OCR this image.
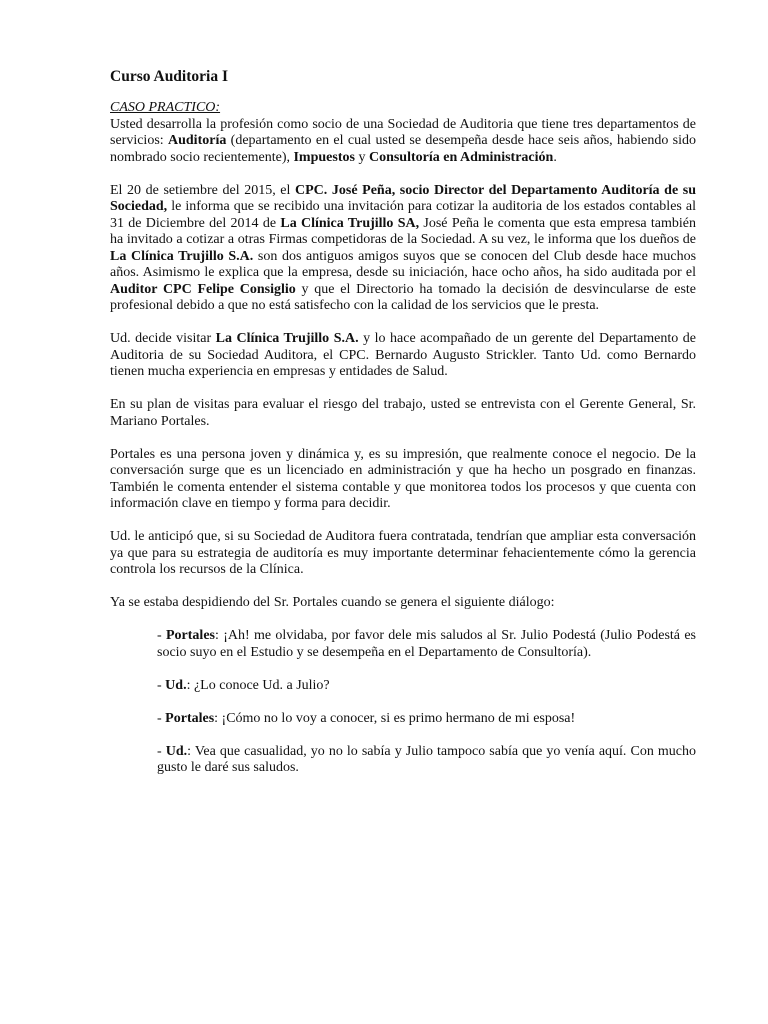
Curso Auditoria I

CASO PRACTICO:

Usted desarrolla la profesión como socio de una Sociedad de Auditoria que tiene tres departamentos de servicios: Auditoría (departamento en el cual usted se desempeña desde hace seis años, habiendo sido nombrado socio recientemente), Impuestos y Consultoría en Administración.

El 20 de setiembre del 2015, el CPC. José Peña, socio Director del Departamento Auditoría de su Sociedad, le informa que se recibido una invitación para cotizar la auditoria de los estados contables al 31 de Diciembre del 2014 de La Clínica Trujillo SA, José Peña le comenta que esta empresa también ha invitado a cotizar a otras Firmas competidoras de la Sociedad. A su vez, le informa que los dueños de La Clínica Trujillo S.A. son dos antiguos amigos suyos que se conocen del Club desde hace muchos años. Asimismo le explica que la empresa, desde su iniciación, hace ocho años, ha sido auditada por el Auditor CPC Felipe Consiglio y que el Directorio ha tomado la decisión de desvincularse de este profesional debido a que no está satisfecho con la calidad de los servicios que le presta.

Ud. decide visitar La Clínica Trujillo S.A. y lo hace acompañado de un gerente del Departamento de Auditoria de su Sociedad Auditora, el CPC. Bernardo Augusto Strickler. Tanto Ud. como Bernardo tienen mucha experiencia en empresas y entidades de Salud.

En su plan de visitas para evaluar el riesgo del trabajo, usted se entrevista con el Gerente General, Sr. Mariano Portales.

Portales es una persona joven y dinámica y, es su impresión, que realmente conoce el negocio. De la conversación surge que es un licenciado en administración y que ha hecho un posgrado en finanzas. También le comenta entender el sistema contable y que monitorea todos los procesos y que cuenta con información clave en tiempo y forma para decidir.

Ud. le anticipó que, si su Sociedad de Auditora fuera contratada, tendrían que ampliar esta conversación ya que para su estrategia de auditoría es muy importante determinar fehacientemente cómo la gerencia controla los recursos de la Clínica.

Ya se estaba despidiendo del Sr. Portales cuando se genera el siguiente diálogo:

- Portales: ¡Ah! me olvidaba, por favor dele mis saludos al Sr. Julio Podestá (Julio Podestá es socio suyo en el Estudio y se desempeña en el Departamento de Consultoría).

- Ud.: ¿Lo conoce Ud. a Julio?

- Portales: ¡Cómo no lo voy a conocer, si es primo hermano de mi esposa!

- Ud.: Vea que casualidad, yo no lo sabía y Julio tampoco sabía que yo venía aquí. Con mucho gusto le daré sus saludos.
